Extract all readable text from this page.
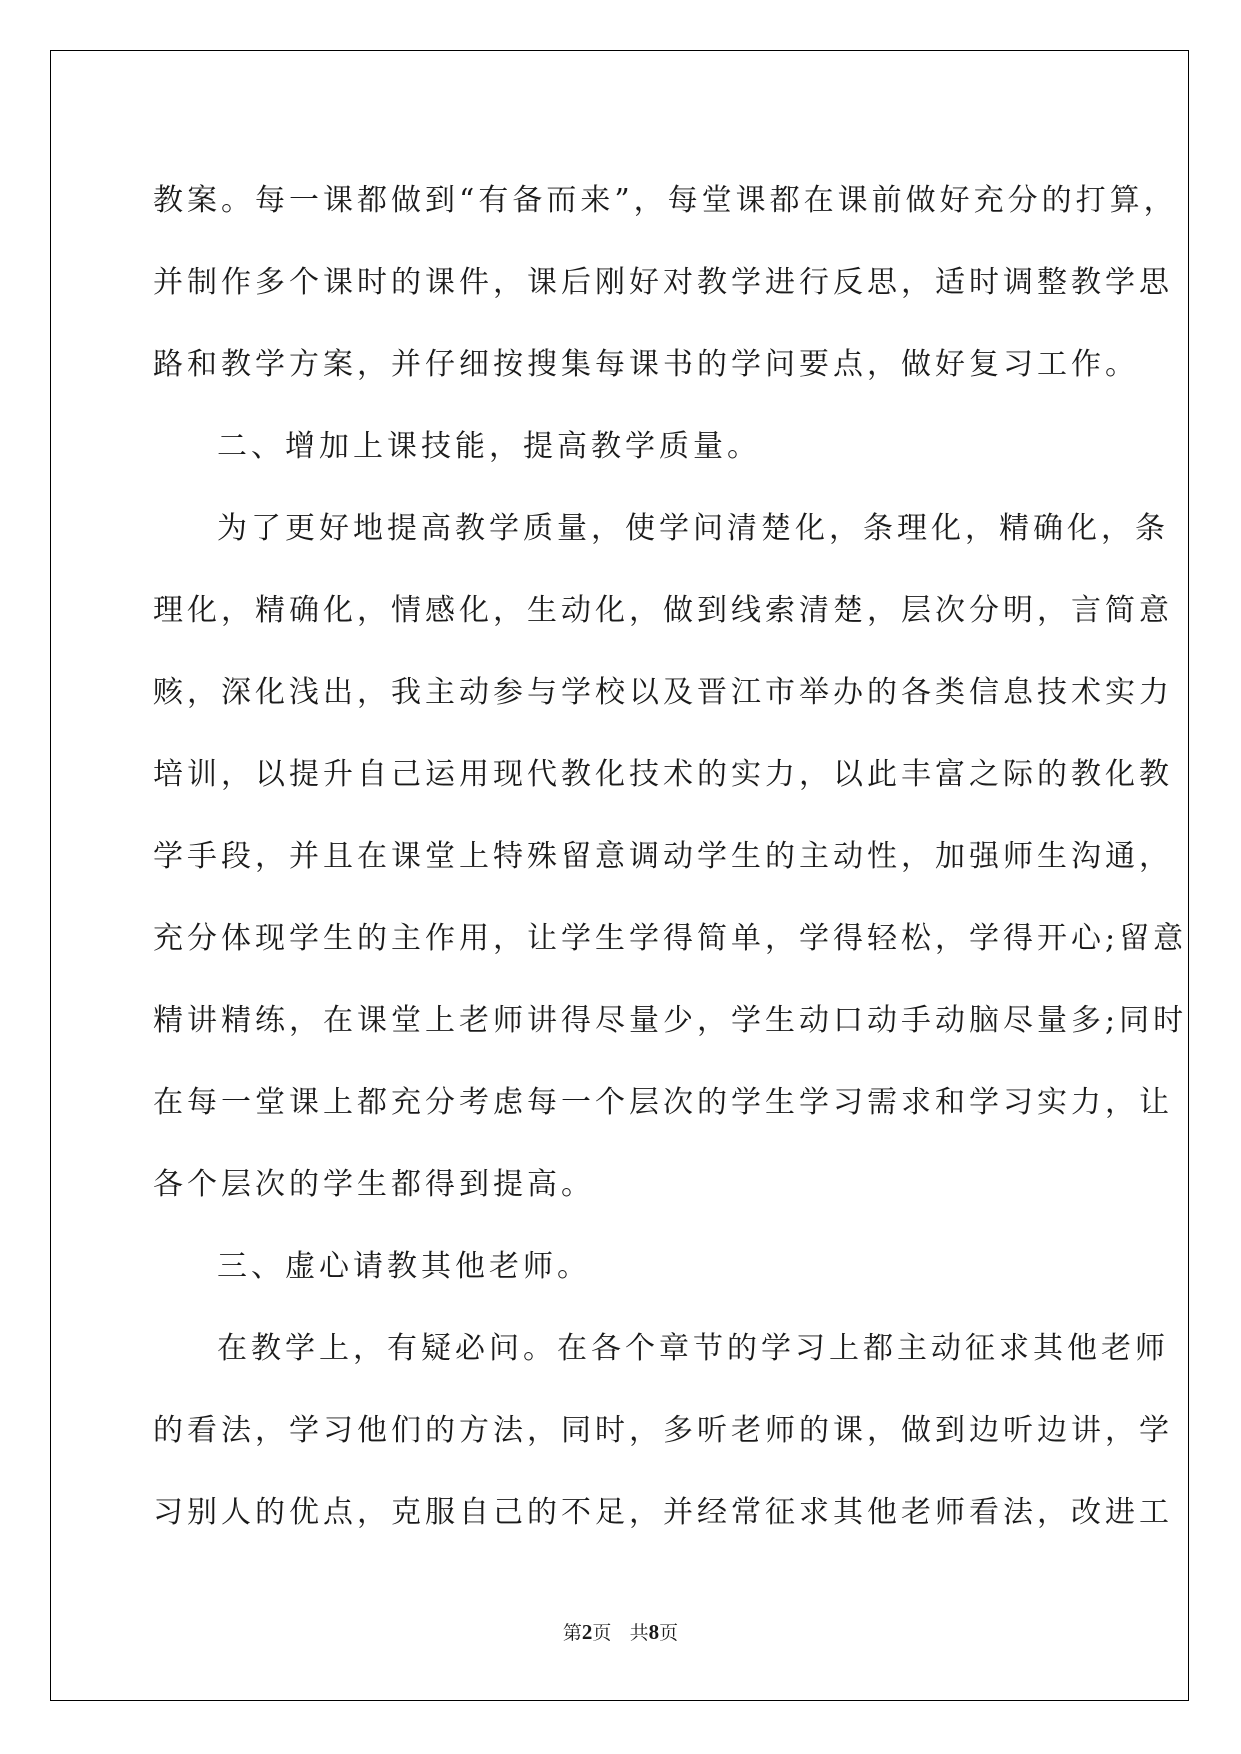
教案。每一课都做到“有备而来”，每堂课都在课前做好充分的打算，
并制作多个课时的课件，课后刚好对教学进行反思，适时调整教学思
路和教学方案，并仔细按搜集每课书的学问要点，做好复习工作。
二、增加上课技能，提高教学质量。
为了更好地提高教学质量，使学问清楚化，条理化，精确化，条
理化，精确化，情感化，生动化，做到线索清楚，层次分明，言简意
赅，深化浅出，我主动参与学校以及晋江市举办的各类信息技术实力
培训，以提升自己运用现代教化技术的实力，以此丰富之际的教化教
学手段，并且在课堂上特殊留意调动学生的主动性，加强师生沟通，
充分体现学生的主作用，让学生学得简单，学得轻松，学得开心;留意
精讲精练，在课堂上老师讲得尽量少，学生动口动手动脑尽量多;同时
在每一堂课上都充分考虑每一个层次的学生学习需求和学习实力，让
各个层次的学生都得到提高。
三、虚心请教其他老师。
在教学上，有疑必问。在各个章节的学习上都主动征求其他老师
的看法，学习他们的方法，同时，多听老师的课，做到边听边讲，学
习别人的优点，克服自己的不足，并经常征求其他老师看法，改进工
第2页 共8页
